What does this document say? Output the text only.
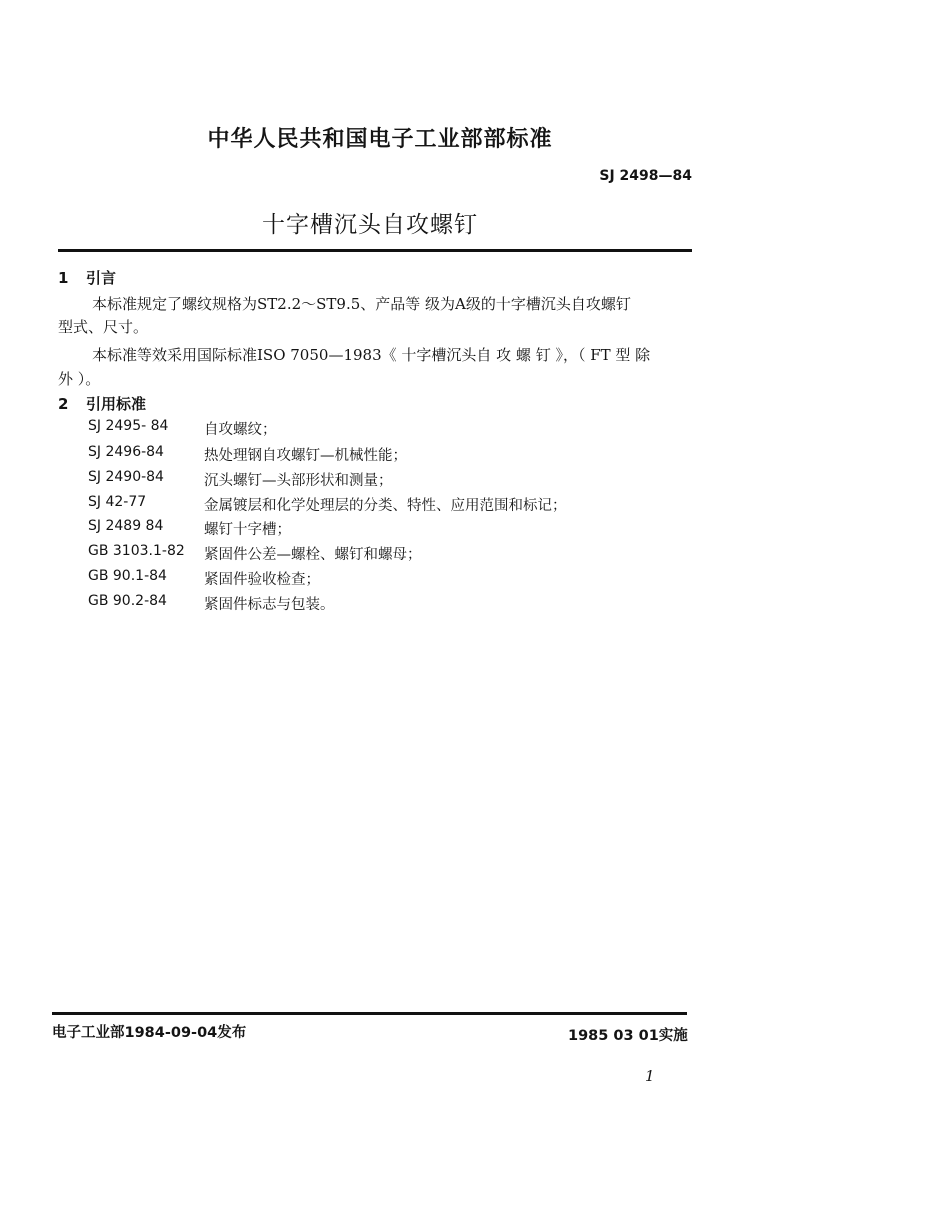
中华人民共和国电子工业部部标准
SJ 2498—84
十字槽沉头自攻螺钉
1 引言
本标准规定了螺纹规格为ST2.2～ST9.5、产品等 级为A级的十字槽沉头自攻螺钉
型式、尺寸。
本标准等效采用国际标准ISO 7050—1983《 十字槽沉头自 攻 螺 钉 》，（ FT 型 除
外 ）。
2 引用标准
SJ 2495- 84 自攻螺纹；
SJ 2496-84	热处理钢自攻螺钉—机械性能；
SJ 2490-84	沉头螺钉—头部形状和测量；
SJ 42-77	金属镀层和化学处理层的分类、特性、应用范围和标记；
SJ 2489 84	螺钉十字槽；
GB 3103.1-82 紧固件公差—螺栓、螺钉和螺母；
GB 90.1-84	紧固件验收检查；
GB 90.2-84	紧固件标志与包装。
电子工业部1984-09-04发布	1985 03 01实施
1
